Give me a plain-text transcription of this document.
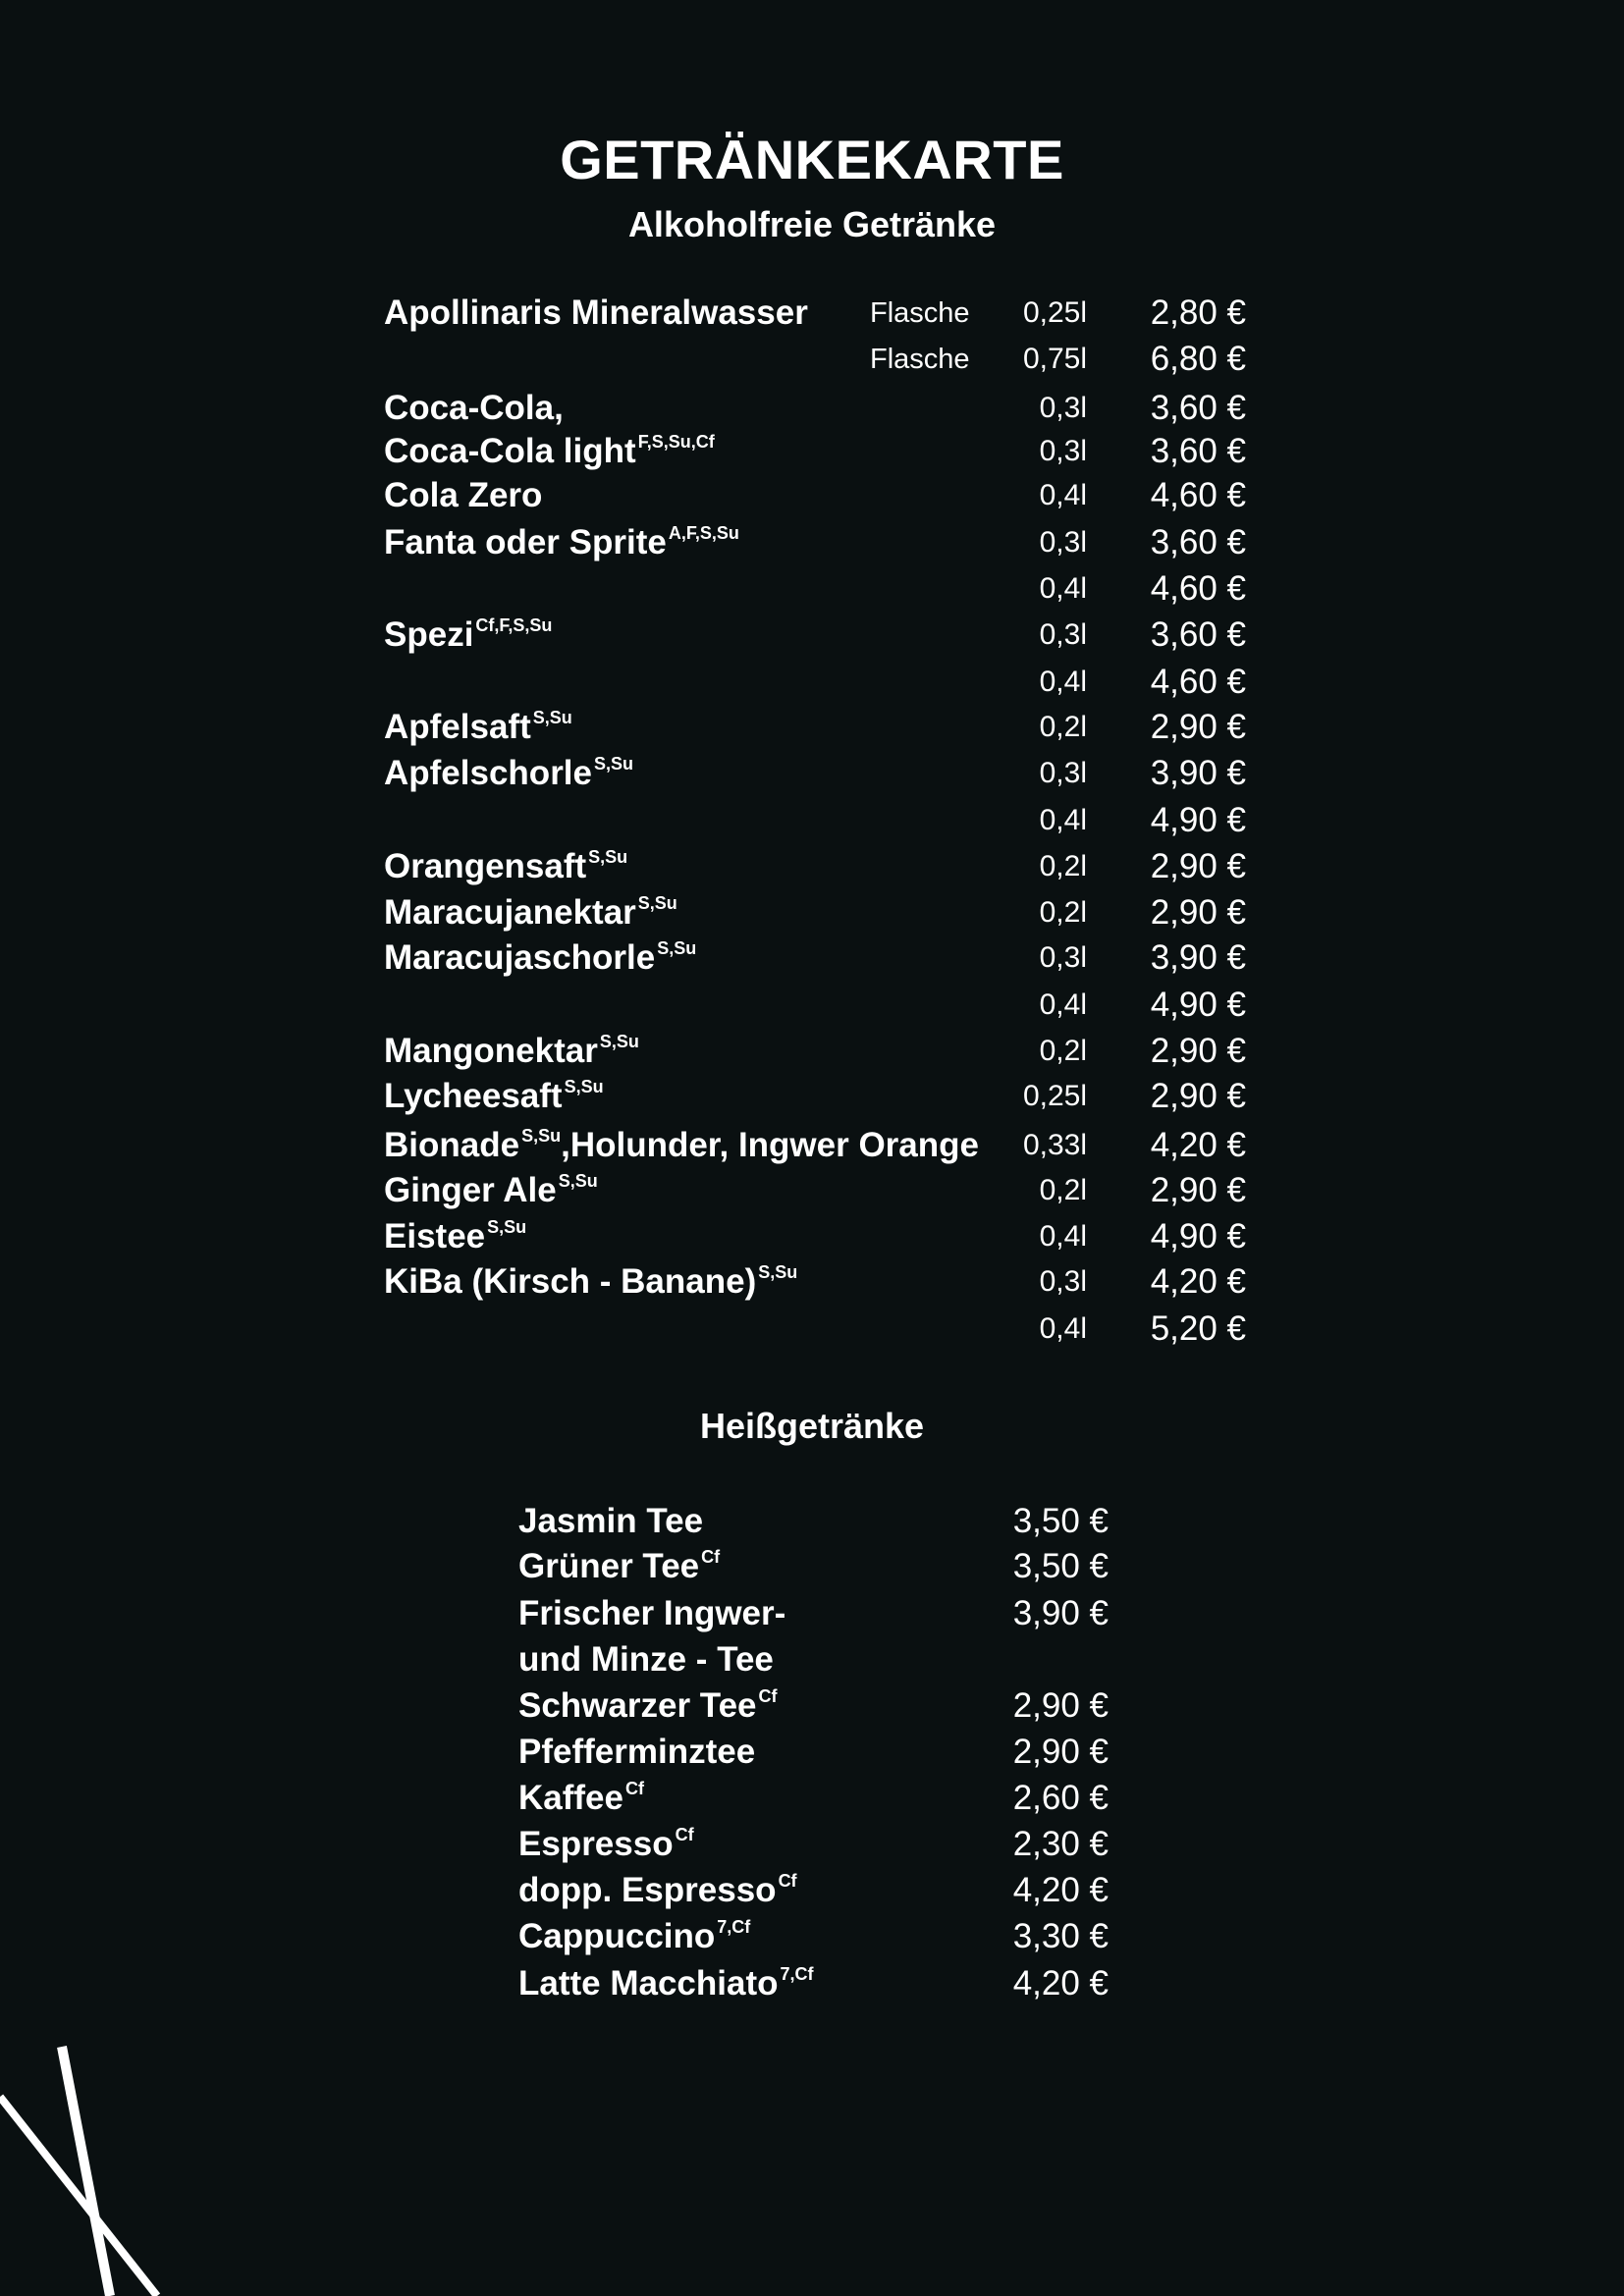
GETRÄNKEKARTE
Alkoholfreie Getränke
Apollinaris Mineralwasser Flasche 0,25l 2,80 €
Flasche 0,75l 6,80 €
Coca-Cola,	0,3l 3,60 €
Coca-Cola light $^{F,S,Su,Cf}$	0,3l 3,60 €
Cola Zero	0,4l 4,60 €
Fanta oder Sprite $^{A,F,S,Su}$	0,3l 3,60 €
0,4l 4,60 €
Spezi $^{Cf,F,S,Su}$	0,3l 3,60 €
0,4l 4,60 €
Apfelsaft $^{S,Su}$	0,2l 2,90 €
Apfelschorle $^{S,Su}$	0,3l 3,90 €
0,4l 4,90 €
Orangensaft $^{S,Su}$	0,2l 2,90 €
Maracujanektar $^{S,Su}$	0,2l 2,90 €
Maracujaschorle $^{S,Su}$	0,3l 3,90 €
0,4l 4,90 €
Mangonektar $^{S,Su}$	0,2l 2,90 €
Lycheesaft $^{S,Su}$	0,25l 2,90 €
Bionade $^{S,Su}$,Holunder, Ingwer Orange 0,33l 4,20 €
Ginger Ale $^{S,Su}$	0,2l 2,90 €
Eistee $^{S,Su}$	0,4l 4,90 €
KiBa (Kirsch - Banane) $^{S,Su}$	0,3l 4,20 €
0,4l 5,20 €
Heißgetränke
Jasmin Tee	3,50 €
Grüner Tee $^{Cf}$	3,50 €
Frischer Ingwer-	3,90 €
und Minze - Tee
Schwarzer Tee $^{Cf}$	2,90 €
Pfefferminztee	2,90 €
Kaffee $^{Cf}$	2,60 €
Espresso $^{Cf}$	2,30 €
dopp. Espresso $^{Cf}$	4,20 €
Cappuccino $^{7,Cf}$	3,30 €
Latte Macchiato $^{7,Cf}$	4,20 €
